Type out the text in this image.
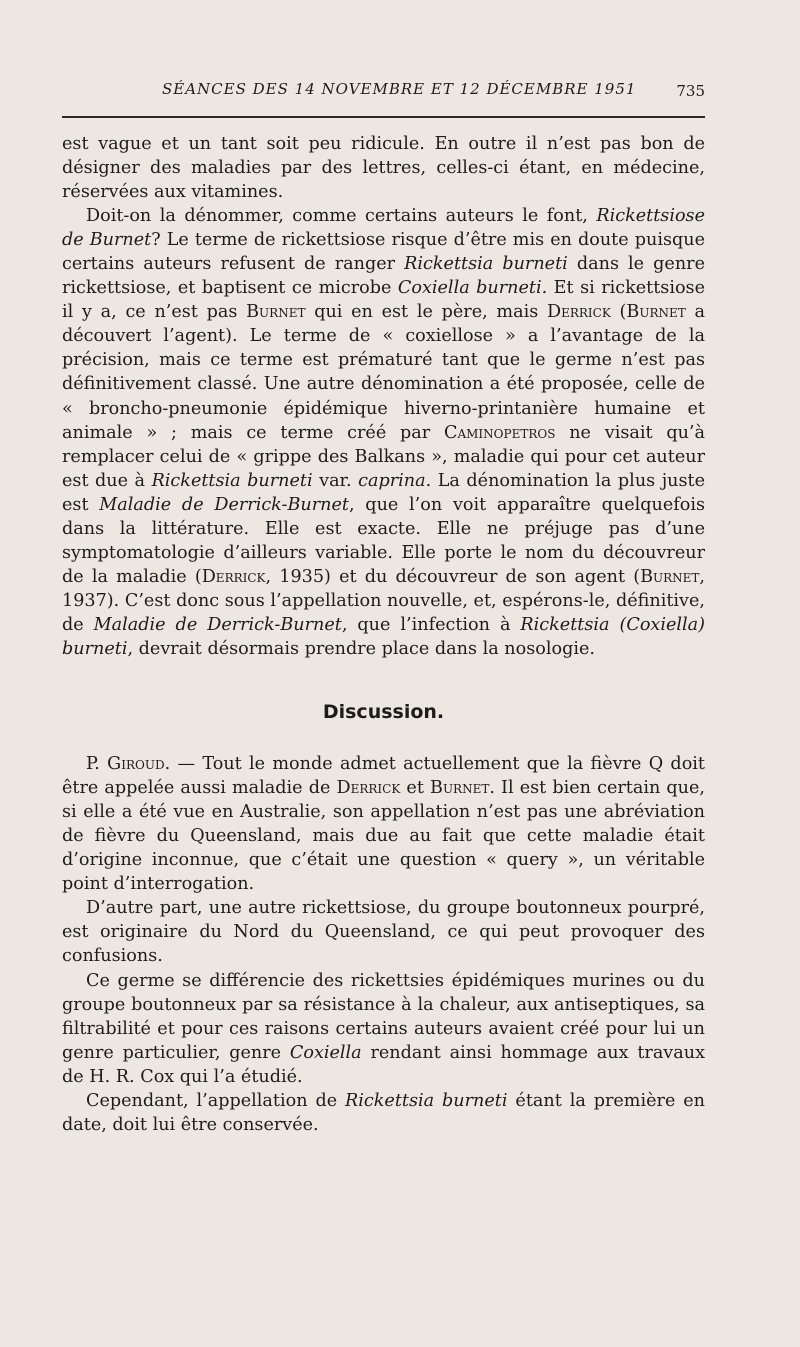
SÉANCES DES 14 NOVEMBRE ET 12 DÉCEMBRE 1951	735

est vague et un tant soit peu ridicule. En outre il n’est pas bon de désigner des maladies par des lettres, celles-ci étant, en médecine, réservées aux vitamines.

Doit-on la dénommer, comme certains auteurs le font, Rickettsiose de Burnet? Le terme de rickettsiose risque d’être mis en doute puisque certains auteurs refusent de ranger Rickettsia burneti dans le genre rickettsiose, et baptisent ce microbe Coxiella burneti. Et si rickettsiose il y a, ce n’est pas Burnet qui en est le père, mais Derrick (Burnet a découvert l’agent). Le terme de « coxiellose » a l’avantage de la précision, mais ce terme est prématuré tant que le germe n’est pas définitivement classé. Une autre dénomination a été proposée, celle de « broncho-pneumonie épidémique hiverno-printanière humaine et animale » ; mais ce terme créé par Caminopetros ne visait qu’à remplacer celui de « grippe des Balkans », maladie qui pour cet auteur est due à Rickettsia burneti var. caprina. La dénomination la plus juste est Maladie de Derrick-Burnet, que l’on voit apparaître quelquefois dans la littérature. Elle est exacte. Elle ne préjuge pas d’une symptomatologie d’ailleurs variable. Elle porte le nom du découvreur de la maladie (Derrick, 1935) et du découvreur de son agent (Burnet, 1937). C’est donc sous l’appellation nouvelle, et, espérons-le, définitive, de Maladie de Derrick-Burnet, que l’infection à Rickettsia (Coxiella) burneti, devrait désormais prendre place dans la nosologie.

Discussion.

P. Giroud. — Tout le monde admet actuellement que la fièvre Q doit être appelée aussi maladie de Derrick et Burnet. Il est bien certain que, si elle a été vue en Australie, son appellation n’est pas une abréviation de fièvre du Queensland, mais due au fait que cette maladie était d’origine inconnue, que c’était une question « query », un véritable point d’interrogation.

D’autre part, une autre rickettsiose, du groupe boutonneux pourpré, est originaire du Nord du Queensland, ce qui peut provoquer des confusions.

Ce germe se différencie des rickettsies épidémiques murines ou du groupe boutonneux par sa résistance à la chaleur, aux antiseptiques, sa filtrabilité et pour ces raisons certains auteurs avaient créé pour lui un genre particulier, genre Coxiella rendant ainsi hommage aux travaux de H. R. Cox qui l’a étudié.

Cependant, l’appellation de Rickettsia burneti étant la première en date, doit lui être conservée.
